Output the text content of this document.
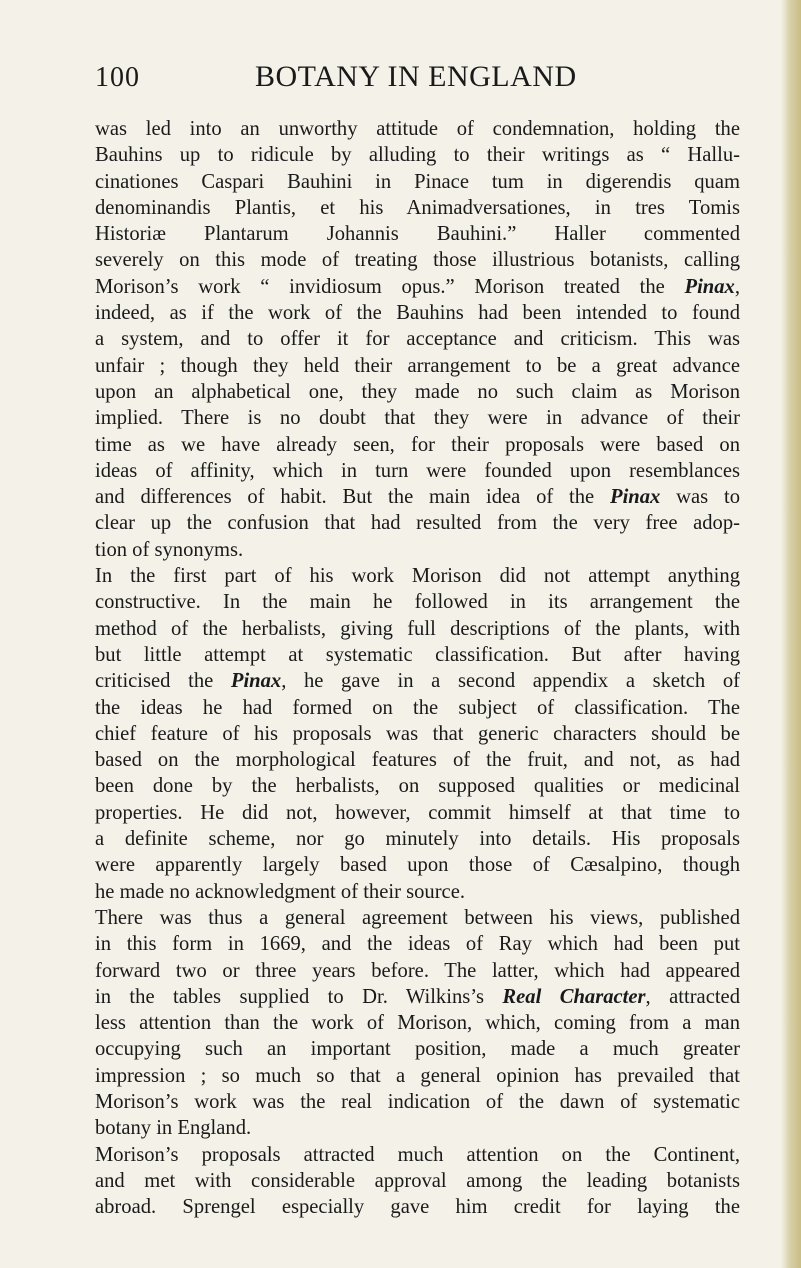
100	BOTANY IN ENGLAND
was led into an unworthy attitude of condemnation, holding the
Bauhins up to ridicule by alluding to their writings as “ Hallu-
cinationes Caspari Bauhini in Pinace tum in digerendis quam
denominandis Plantis, et his Animadversationes, in tres Tomis
Historiæ Plantarum Johannis Bauhini.” Haller commented
severely on this mode of treating those illustrious botanists, calling
Morison’s work “ invidiosum opus.” Morison treated the Pinax,
indeed, as if the work of the Bauhins had been intended to found
a system, and to offer it for acceptance and criticism. This was
unfair ; though they held their arrangement to be a great advance
upon an alphabetical one, they made no such claim as Morison
implied. There is no doubt that they were in advance of their
time as we have already seen, for their proposals were based on
ideas of affinity, which in turn were founded upon resemblances
and differences of habit. But the main idea of the Pinax was to
clear up the confusion that had resulted from the very free adop-
tion of synonyms.
In the first part of his work Morison did not attempt anything
constructive. In the main he followed in its arrangement the
method of the herbalists, giving full descriptions of the plants, with
but little attempt at systematic classification. But after having
criticised the Pinax, he gave in a second appendix a sketch of
the ideas he had formed on the subject of classification. The
chief feature of his proposals was that generic characters should be
based on the morphological features of the fruit, and not, as had
been done by the herbalists, on supposed qualities or medicinal
properties. He did not, however, commit himself at that time to
a definite scheme, nor go minutely into details. His proposals
were apparently largely based upon those of Cæsalpino, though
he made no acknowledgment of their source.
There was thus a general agreement between his views, published
in this form in 1669, and the ideas of Ray which had been put
forward two or three years before. The latter, which had appeared
in the tables supplied to Dr. Wilkins’s Real Character, attracted
less attention than the work of Morison, which, coming from a man
occupying such an important position, made a much greater
impression ; so much so that a general opinion has prevailed that
Morison’s work was the real indication of the dawn of systematic
botany in England.
Morison’s proposals attracted much attention on the Continent,
and met with considerable approval among the leading botanists
abroad. Sprengel especially gave him credit for laying the
